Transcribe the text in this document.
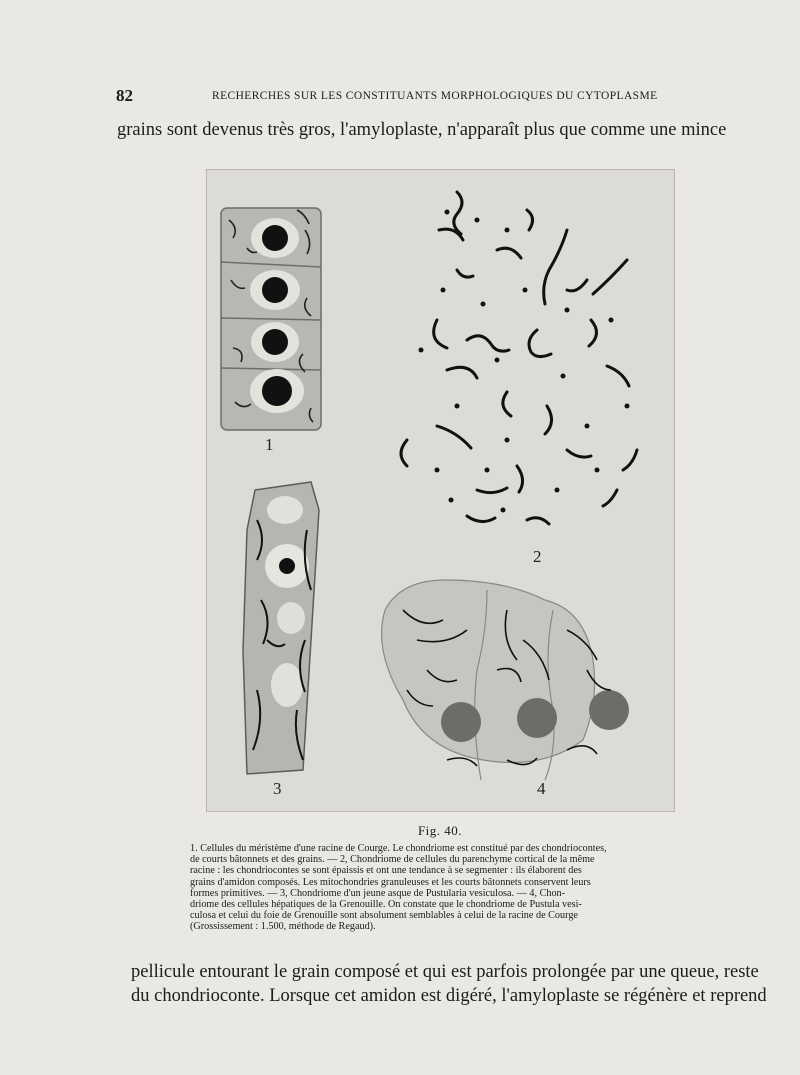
82	RECHERCHES SUR LES CONSTITUANTS MORPHOLOGIQUES DU CYTOPLASME
grains sont devenus très gros, l'amyloplaste, n'apparaît plus que comme une mince
1
2
3	4
Fig. 40.

1. Cellules du méristème d'une racine de Courge. Le chondriome est constitué par des chondriocontes,

de courts bâtonnets et des grains. — 2, Chondriome de cellules du parenchyme cortical de la même

racine : les chondriocontes se sont épaissis et ont une tendance à se segmenter : ils élaborent des

grains d'amidon composés. Les mitochondries granuleuses et les courts bâtonnets conservent leurs

formes primitives. — 3, Chondriome d'un jeune asque de Pustularia vesiculosa. — 4, Chon-

driome des cellules hépatiques de la Grenouille. On constate que le chondriome de Pustula vesi-

culosa et celui du foie de Grenouille sont absolument semblables à celui de la racine de Courge

(Grossissement : 1.500, méthode de Regaud).

pellicule entourant le grain composé et qui est parfois prolongée par une queue, reste
du chondrioconte. Lorsque cet amidon est digéré, l'amyloplaste se régénère et reprend
